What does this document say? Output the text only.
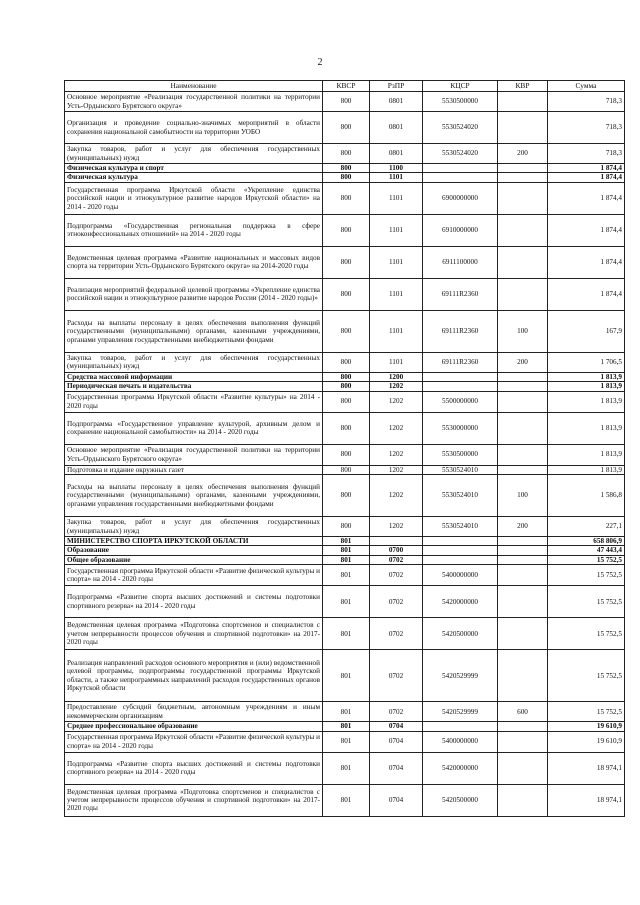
2
Наименование	КВСР	РзПР	КЦСР	КВР	Сумма
Основное мероприятие «Реализация государственной политики на территории Усть-Ордынского Бурятского округа»	800	0801	5530500000		718,3
Организация и проведение социально-значимых мероприятий в области сохранения национальной самобытности на территории УОБО	800	0801	5530524020		718,3
Закупка товаров, работ и услуг для обеспечения государственных (муниципальных) нужд	800	0801	5530524020	200	718,3
Физическая культура и спорт	800	1100			1 874,4
Физическая культура	800	1101			1 874,4
Государственная программа Иркутской области «Укрепление единства российской нации и этнокультурное развитие народов Иркутской области» на 2014 - 2020 годы	800	1101	6900000000		1 874,4
Подпрограмма «Государственная региональная поддержка в сфере этноконфессиональных отношений» на 2014 - 2020 годы	800	1101	6910000000		1 874,4
Ведомственная целевая программа «Развитие национальных и массовых видов спорта на территории Усть-Ордынского Бурятского округа» на 2014-2020 годы	800	1101	6911100000		1 874,4
Реализация мероприятий федеральной целевой программы «Укрепление единства российской нации и этнокультурное развитие народов России (2014 - 2020 годы)»	800	1101	69111R2360		1 874,4
Расходы на выплаты персоналу в целях обеспечения выполнения функций государственными (муниципальными) органами, казенными учреждениями, органами управления государственными внебюджетными фондами	800	1101	69111R2360	100	167,9
Закупка товаров, работ и услуг для обеспечения государственных (муниципальных) нужд	800	1101	69111R2360	200	1 706,5
Средства массовой информации	800	1200			1 813,9
Периодическая печать и издательства	800	1202			1 813,9
Государственная программа Иркутской области «Развитие культуры» на 2014 - 2020 годы	800	1202	5500000000		1 813,9
Подпрограмма «Государственное управление культурой, архивным делом и сохранение национальной самобытности» на 2014 - 2020 годы	800	1202	5530000000		1 813,9
Основное мероприятие «Реализация государственной политики на территории Усть-Ордынского Бурятского округа»	800	1202	5530500000		1 813,9
Подготовка и издание окружных газет	800	1202	5530524010		1 813,9
Расходы на выплаты персоналу в целях обеспечения выполнения функций государственными (муниципальными) органами, казенными учреждениями, органами управления государственными внебюджетными фондами	800	1202	5530524010	100	1 586,8
Закупка товаров, работ и услуг для обеспечения государственных (муниципальных) нужд	800	1202	5530524010	200	227,1
МИНИСТЕРСТВО СПОРТА ИРКУТСКОЙ ОБЛАСТИ	801				658 806,9
Образование	801	0700			47 443,4
Общее образование	801	0702			15 752,5
Государственная программа Иркутской области «Развитие физической культуры и спорта» на 2014 - 2020 годы	801	0702	5400000000		15 752,5
Подпрограмма «Развитие спорта высших достижений и системы подготовки спортивного резерва» на 2014 - 2020 годы	801	0702	5420000000		15 752,5
Ведомственная целевая программа «Подготовка спортсменов и специалистов с учетом непрерывности процессов обучения и спортивной подготовки» на 2017-2020 годы	801	0702	5420500000		15 752,5
Реализация направлений расходов основного мероприятия и (или) ведомственной целевой программы, подпрограммы государственной программы Иркутской области, а также непрограммных направлений расходов государственных органов Иркутской области	801	0702	5420529999		15 752,5
Предоставление субсидий бюджетным, автономным учреждениям и иным некоммерческим организациям	801	0702	5420529999	600	15 752,5
Среднее профессиональное образование	801	0704			19 610,9
Государственная программа Иркутской области «Развитие физической культуры и спорта» на 2014 - 2020 годы	801	0704	5400000000		19 610,9
Подпрограмма «Развитие спорта высших достижений и системы подготовки спортивного резерва» на 2014 - 2020 годы	801	0704	5420000000		18 974,1
Ведомственная целевая программа «Подготовка спортсменов и специалистов с учетом непрерывности процессов обучения и спортивной подготовки» на 2017-2020 годы	801	0704	5420500000		18 974,1
